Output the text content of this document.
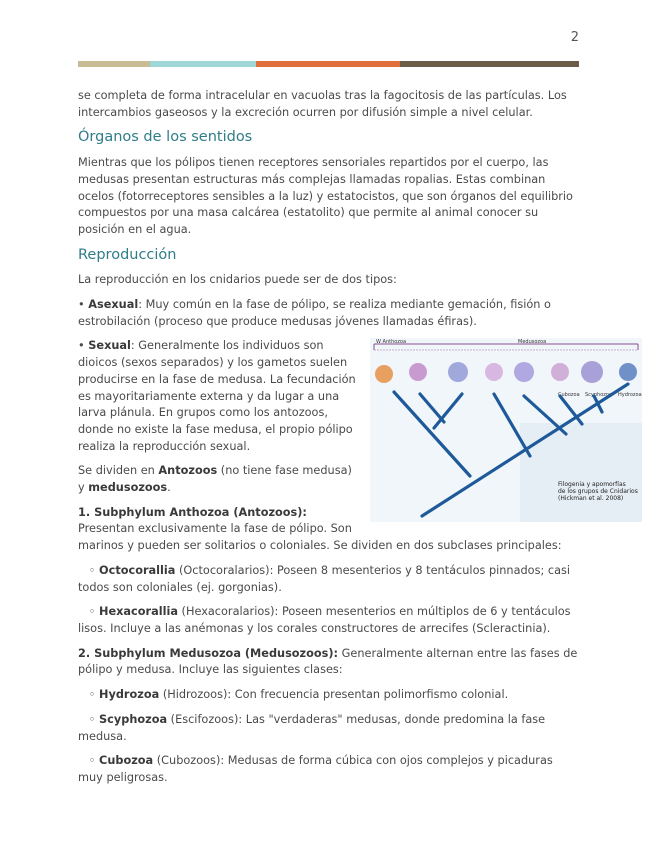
2

se completa de forma intracelular en vacuolas tras la fagocitosis de las partículas. Los intercambios gaseosos y la excreción ocurren por difusión simple a nivel celular.

Órganos de los sentidos

Mientras que los pólipos tienen receptores sensoriales repartidos por el cuerpo, las medusas presentan estructuras más complejas llamadas ropalias. Estas combinan ocelos (fotorreceptores sensibles a la luz) y estatocistos, que son órganos del equilibrio compuestos por una masa calcárea (estatolito) que permite al animal conocer su posición en el agua.

Reproducción

La reproducción en los cnidarios puede ser de dos tipos:

• Asexual: Muy común en la fase de pólipo, se realiza mediante gemación, fisión o estrobilación (proceso que produce medusas jóvenes llamadas éfiras).

W Anthozoa	Medusozoa
Cubozoa Scyphozoa Hydrozoa
Filogenia y apomorfías de los grupos de Cnidarios (Hickman et al. 2008)

• Sexual: Generalmente los individuos son dioicos (sexos separados) y los gametos suelen producirse en la fase de medusa. La fecundación es mayoritariamente externa y da lugar a una larva plánula. En grupos como los antozoos, donde no existe la fase medusa, el propio pólipo realiza la reproducción sexual.

Se dividen en Antozoos (no tiene fase medusa) y medusozoos.

1. Subphylum Anthozoa (Antozoos): Presentan exclusivamente la fase de pólipo. Son marinos y pueden ser solitarios o coloniales. Se dividen en dos subclases principales:

◦ Octocorallia (Octocoralarios): Poseen 8 mesenterios y 8 tentáculos pinnados; casi todos son coloniales (ej. gorgonias).

◦ Hexacorallia (Hexacoralarios): Poseen mesenterios en múltiplos de 6 y tentáculos lisos. Incluye a las anémonas y los corales constructores de arrecifes (Scleractinia).

2. Subphylum Medusozoa (Medusozoos): Generalmente alternan entre las fases de pólipo y medusa. Incluye las siguientes clases:

◦ Hydrozoa (Hidrozoos): Con frecuencia presentan polimorfismo colonial.

◦ Scyphozoa (Escifozoos): Las "verdaderas" medusas, donde predomina la fase medusa.

◦ Cubozoa (Cubozoos): Medusas de forma cúbica con ojos complejos y picaduras muy peligrosas.
